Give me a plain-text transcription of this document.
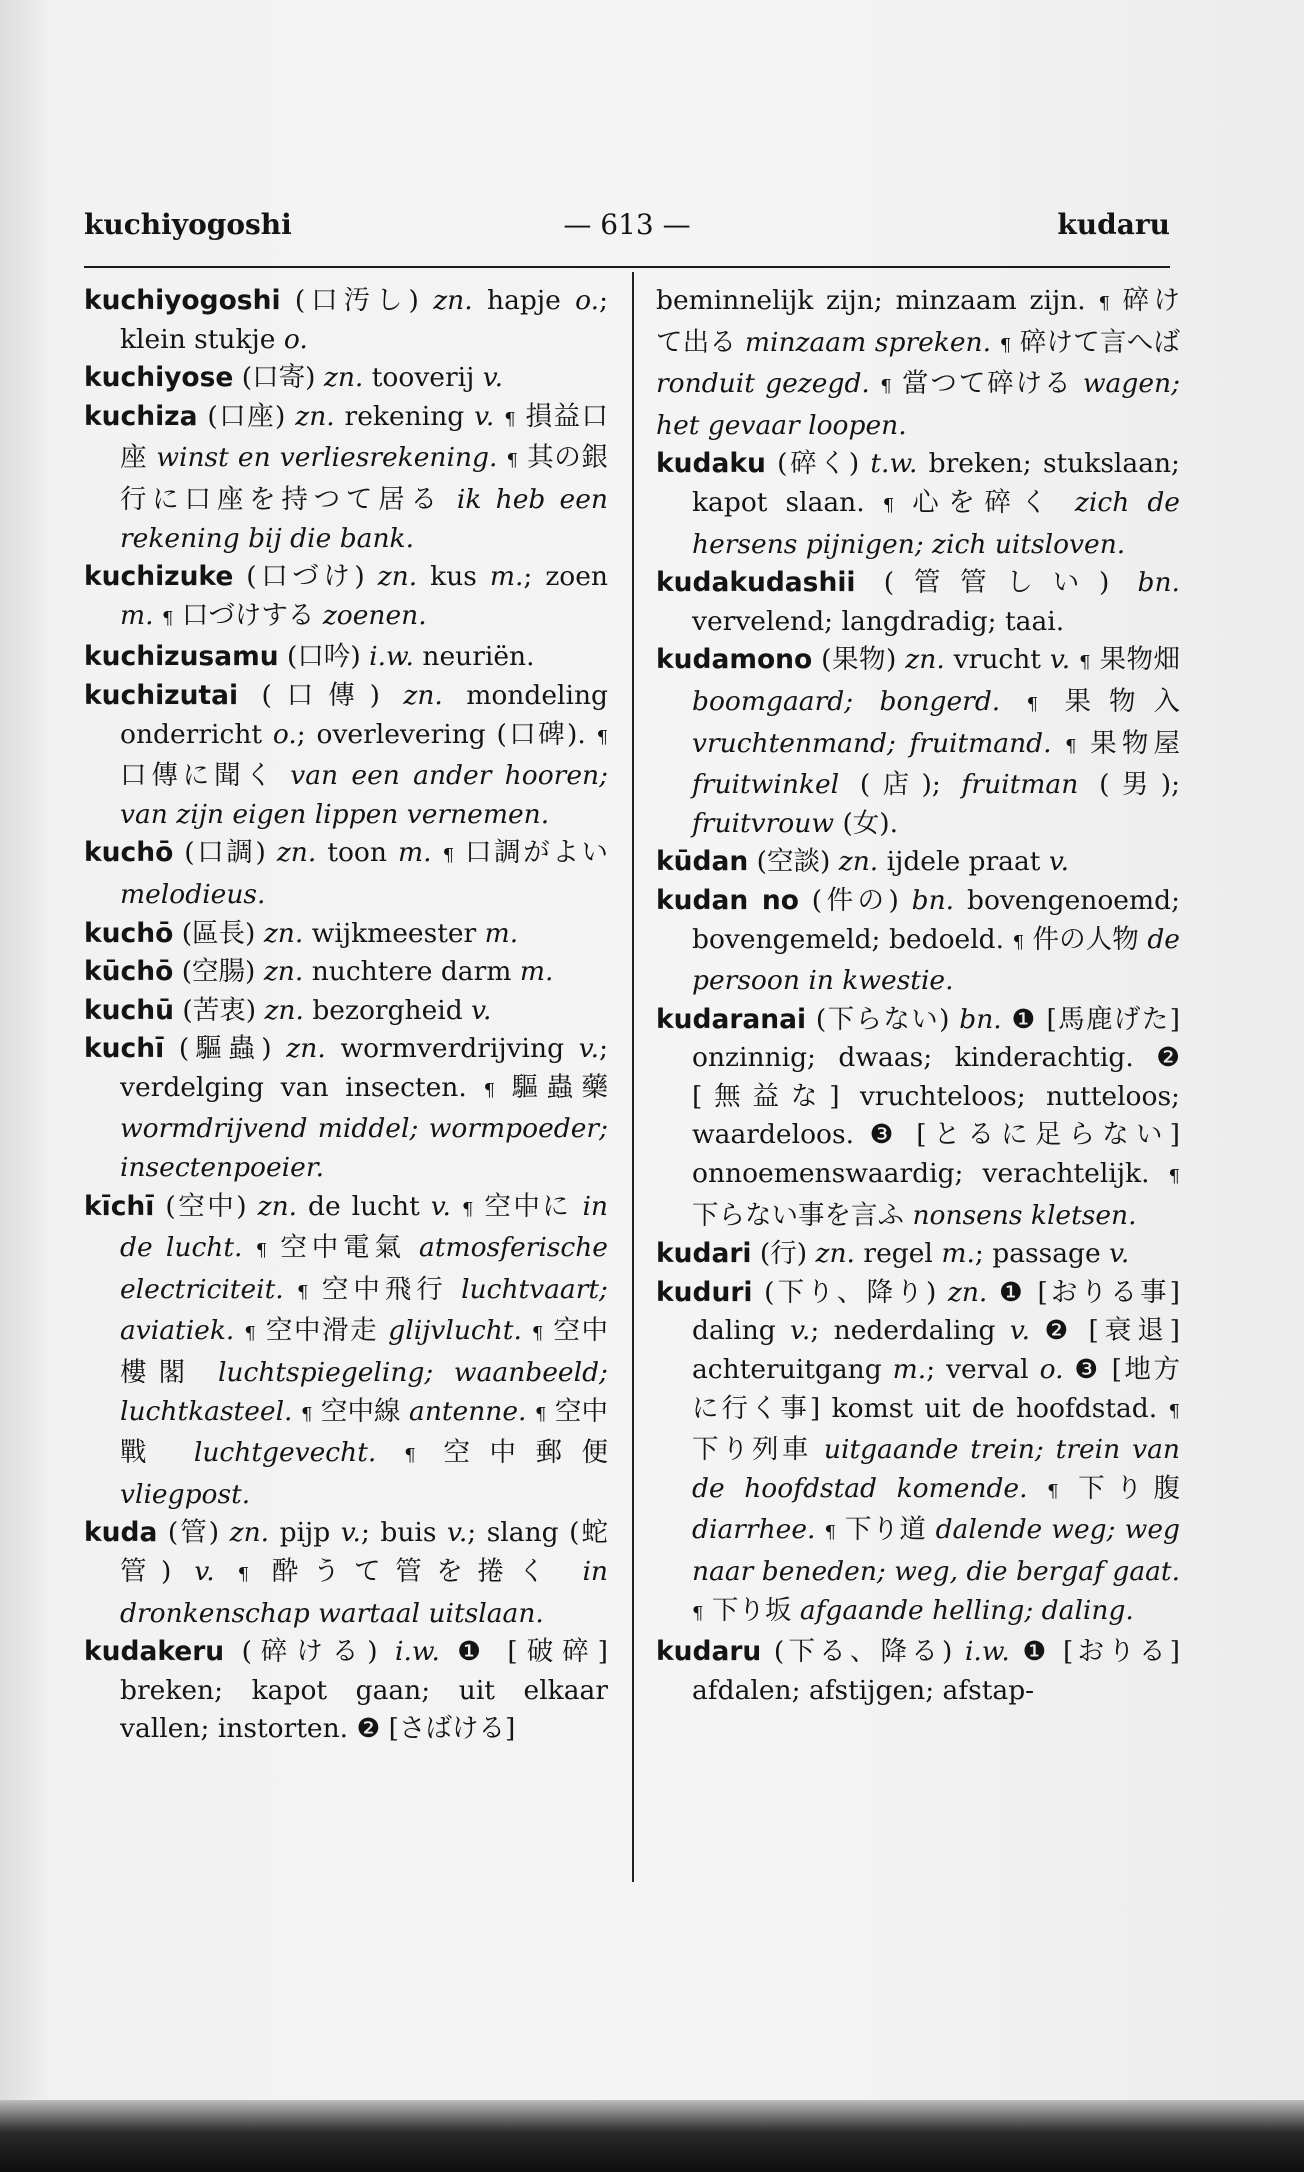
kuchiyogoshi	— 613 —	kudaru

kuchiyogoshi (口汚し) zn. hapje o.; klein stukje o.

kuchiyose (口寄) zn. tooverij v.

kuchiza (口座) zn. rekening v. ¶ 損益口座 winst en verliesrekening. ¶ 其の銀行に口座を持つて居る ik heb een rekening bij die bank.

kuchizuke (口づけ) zn. kus m.; zoen m. ¶ 口づけする zoenen.

kuchizusamu (口吟) i.w. neuriën.

kuchizutai (口傳) zn. mondeling onderricht o.; overlevering (口碑). ¶ 口傳に聞く van een ander hooren; van zijn eigen lippen vernemen.

kuchō (口調) zn. toon m. ¶ 口調がよい melodieus.

kuchō (區長) zn. wijkmeester m.

kūchō (空腸) zn. nuchtere darm m.

kuchū (苦衷) zn. bezorgheid v.

kuchī (驅蟲) zn. wormverdrijving v.; verdelging van insecten. ¶ 驅蟲藥 wormdrijvend middel; wormpoeder; insectenpoeier.

kīchī (空中) zn. de lucht v. ¶ 空中に in de lucht. ¶ 空中電氣 atmosferische electriciteit. ¶ 空中飛行 luchtvaart; aviatiek. ¶ 空中滑走 glijvlucht. ¶ 空中樓閣 luchtspiegeling; waanbeeld; luchtkasteel. ¶ 空中線 antenne. ¶ 空中戰 luchtgevecht. ¶ 空中郵便 vliegpost.

kuda (管) zn. pijp v.; buis v.; slang (蛇管) v. ¶ 酔うて管を捲く in dronkenschap wartaal uitslaan.

kudakeru (碎ける) i.w. ❶ [破碎] breken; kapot gaan; uit elkaar vallen; instorten. ❷ [さばける]

beminnelijk zijn; minzaam zijn. ¶ 碎けて出る minzaam spreken. ¶ 碎けて言へば ronduit gezegd. ¶ 當つて碎ける wagen; het gevaar loopen.

kudaku (碎く) t.w. breken; stukslaan; kapot slaan. ¶ 心を碎く zich de hersens pijnigen; zich uitsloven.

kudakudashii (管管しい) bn. vervelend; langdradig; taai.

kudamono (果物) zn. vrucht v. ¶ 果物畑 boomgaard; bongerd. ¶ 果物入 vruchtenmand; fruitmand. ¶ 果物屋 fruitwinkel (店); fruitman (男); fruitvrouw (女).

kūdan (空談) zn. ijdele praat v.

kudan no (件の) bn. bovengenoemd; bovengemeld; bedoeld. ¶ 件の人物 de persoon in kwestie.

kudaranai (下らない) bn. ❶ [馬鹿げた] onzinnig; dwaas; kinderachtig. ❷ [無益な] vruchteloos; nutteloos; waardeloos. ❸ [とるに足らない] onnoemenswaardig; verachtelijk. ¶ 下らない事を言ふ nonsens kletsen.

kudari (行) zn. regel m.; passage v.

kuduri (下り、降り) zn. ❶ [おりる事] daling v.; nederdaling v. ❷ [衰退] achteruitgang m.; verval o. ❸ [地方に行く事] komst uit de hoofdstad. ¶ 下り列車 uitgaande trein; trein van de hoofdstad komende. ¶ 下り腹 diarrhee. ¶ 下り道 dalende weg; weg naar beneden; weg, die bergaf gaat. ¶ 下り坂 afgaande helling; daling.

kudaru (下る、降る) i.w. ❶ [おりる] afdalen; afstijgen; afstap-
